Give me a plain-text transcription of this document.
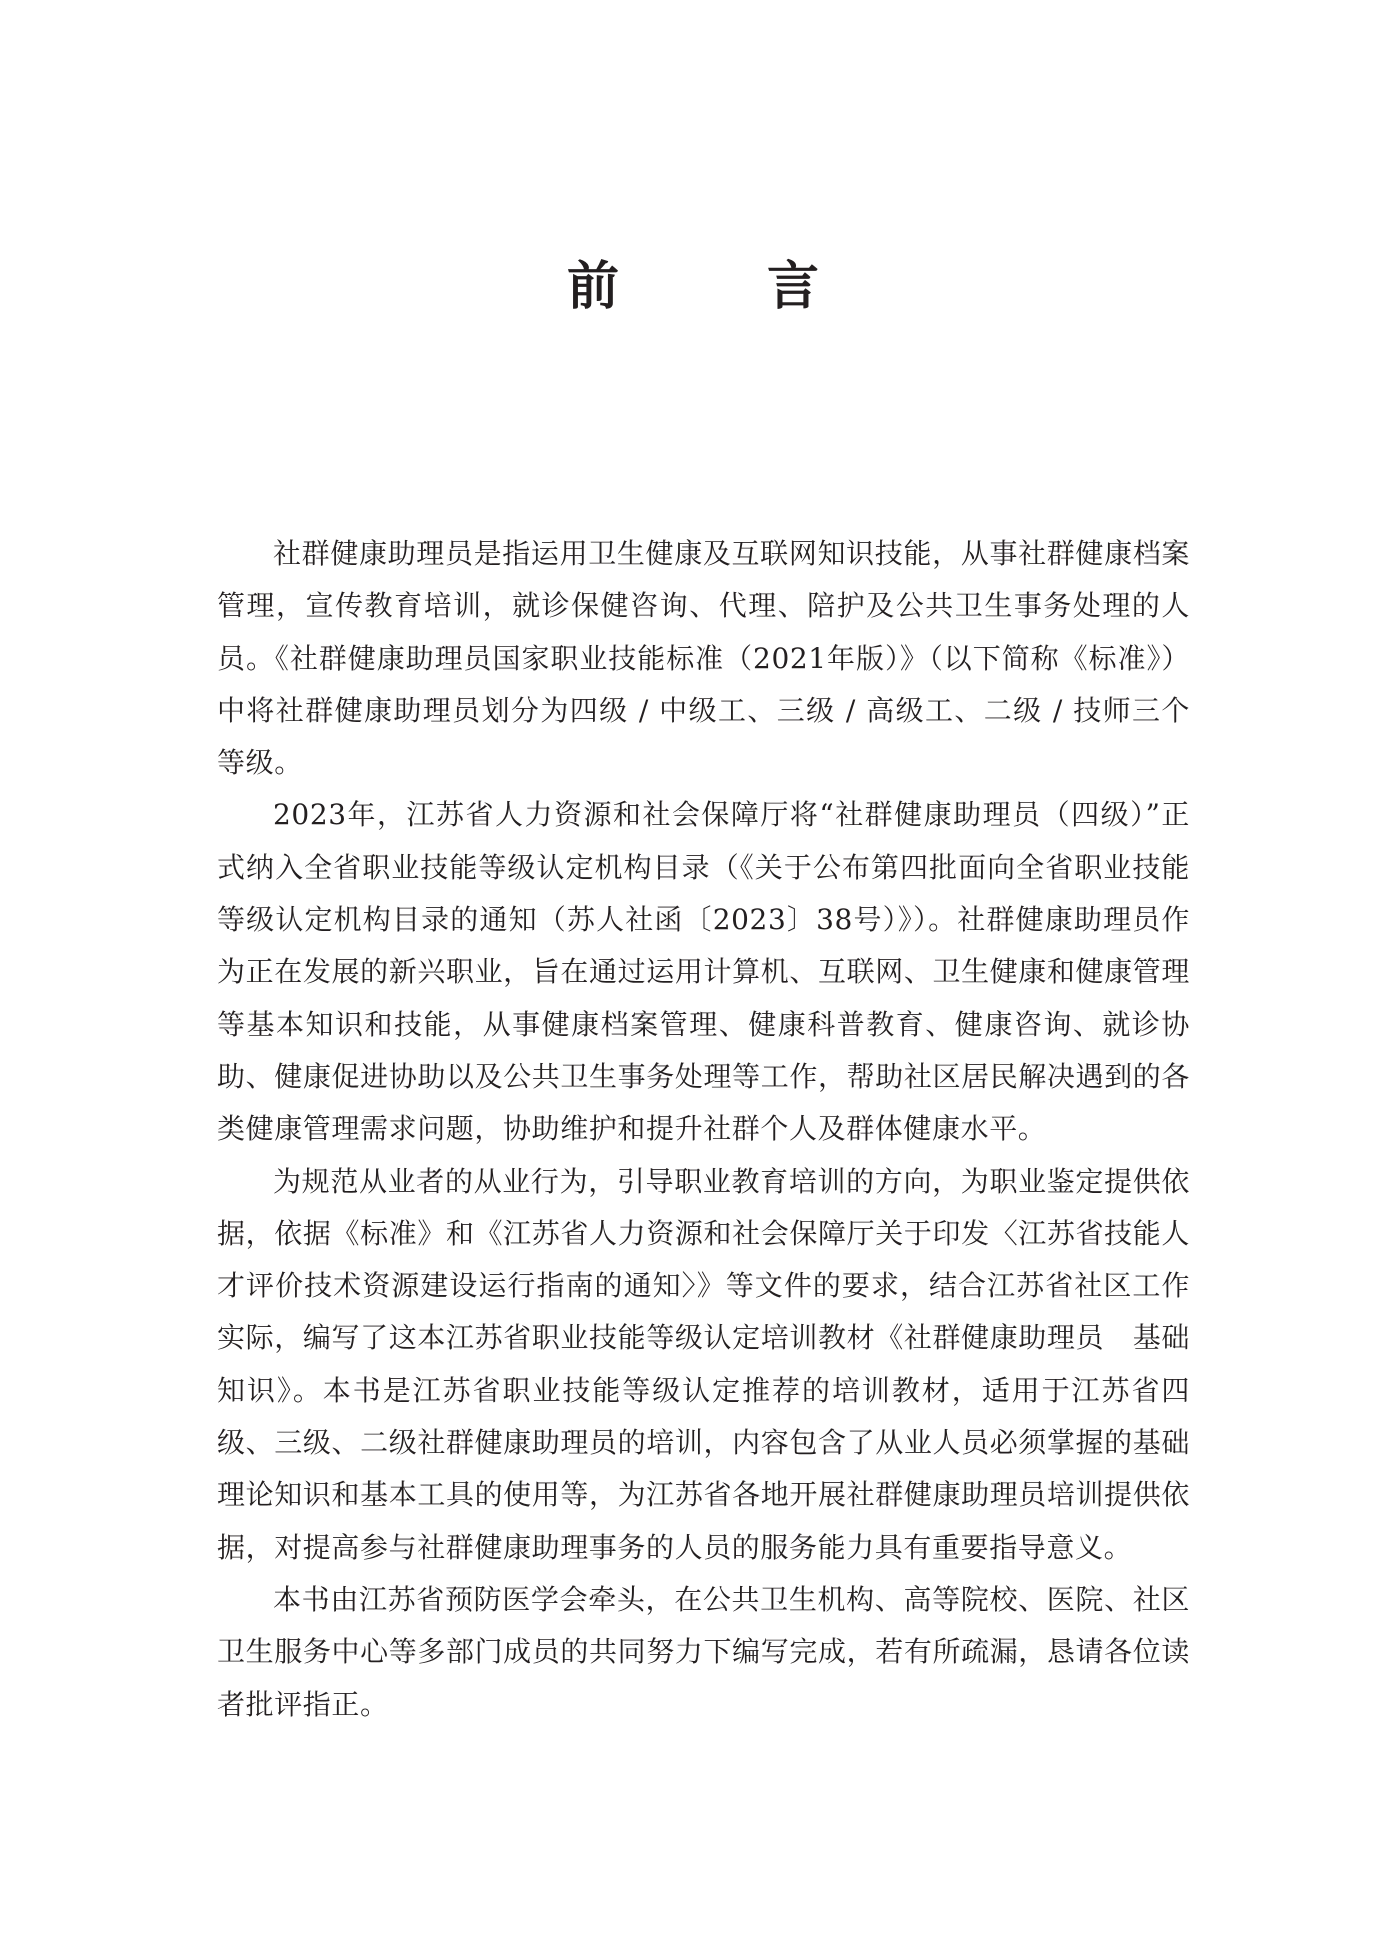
前　言

社群健康助理员是指运用卫生健康及互联网知识技能，从事社群健康档案管理，宣传教育培训，就诊保健咨询、代理、陪护及公共卫生事务处理的人员。《社群健康助理员国家职业技能标准（2021年版）》（以下简称《标准》）中将社群健康助理员划分为四级 / 中级工、三级 / 高级工、二级 / 技师三个等级。

2023年，江苏省人力资源和社会保障厅将“社群健康助理员（四级）”正式纳入全省职业技能等级认定机构目录（《关于公布第四批面向全省职业技能等级认定机构目录的通知（苏人社函〔2023〕38号）》）。社群健康助理员作为正在发展的新兴职业，旨在通过运用计算机、互联网、卫生健康和健康管理等基本知识和技能，从事健康档案管理、健康科普教育、健康咨询、就诊协助、健康促进协助以及公共卫生事务处理等工作，帮助社区居民解决遇到的各类健康管理需求问题，协助维护和提升社群个人及群体健康水平。

为规范从业者的从业行为，引导职业教育培训的方向，为职业鉴定提供依据，依据《标准》和《江苏省人力资源和社会保障厅关于印发〈江苏省技能人才评价技术资源建设运行指南的通知〉》等文件的要求，结合江苏省社区工作实际，编写了这本江苏省职业技能等级认定培训教材《社群健康助理员　基础知识》。本书是江苏省职业技能等级认定推荐的培训教材，适用于江苏省四级、三级、二级社群健康助理员的培训，内容包含了从业人员必须掌握的基础理论知识和基本工具的使用等，为江苏省各地开展社群健康助理员培训提供依据，对提高参与社群健康助理事务的人员的服务能力具有重要指导意义。

本书由江苏省预防医学会牵头，在公共卫生机构、高等院校、医院、社区卫生服务中心等多部门成员的共同努力下编写完成，若有所疏漏，恳请各位读者批评指正。
